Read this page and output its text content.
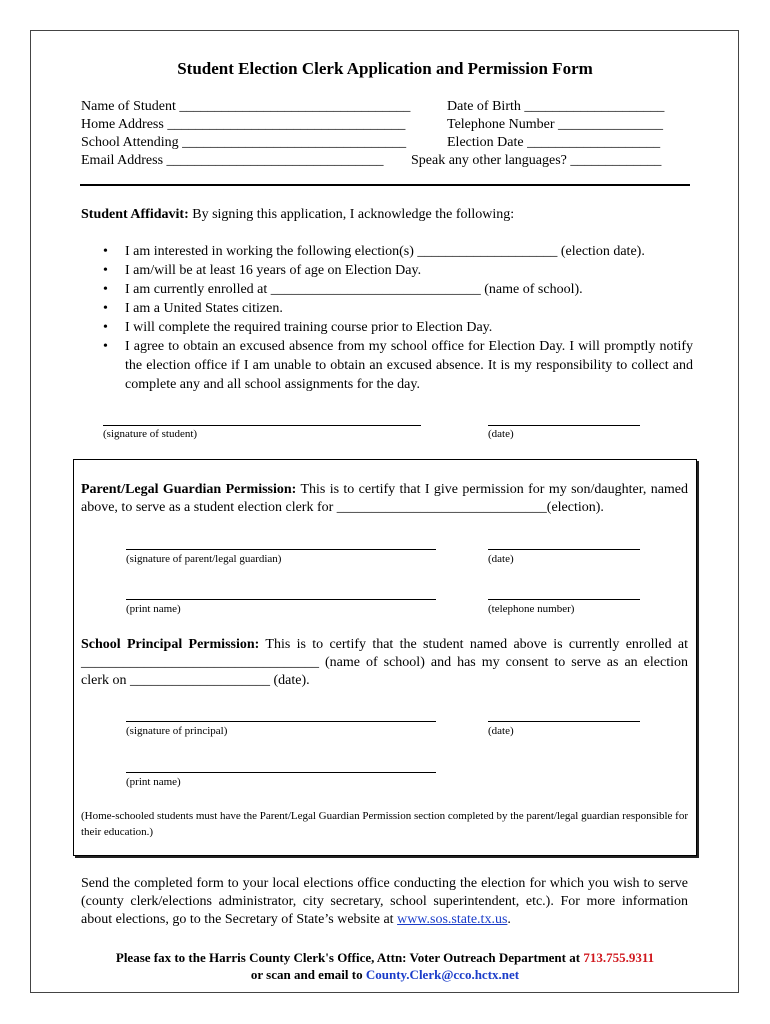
Student Election Clerk Application and Permission Form
Name of Student _________________________________	Date of Birth ____________________
Home Address __________________________________	Telephone Number _______________
School Attending ________________________________	Election Date ___________________
Email Address _______________________________ Speak any other languages? _____________
Student Affidavit: By signing this application, I acknowledge the following:
• I am interested in working the following election(s) ____________________ (election date).
• I am/will be at least 16 years of age on Election Day.
• I am currently enrolled at ______________________________ (name of school).
• I am a United States citizen.
• I will complete the required training course prior to Election Day.
• I agree to obtain an excused absence from my school office for Election Day. I will promptly notify the election office if I am unable to obtain an excused absence. It is my responsibility to collect and complete any and all school assignments for the day.
(signature of student)	(date)
Parent/Legal Guardian Permission: This is to certify that I give permission for my son/daughter, named above, to serve as a student election clerk for ______________________________(election).
(signature of parent/legal guardian)	(date)
(print name)	(telephone number)
School Principal Permission: This is to certify that the student named above is currently enrolled at __________________________________ (name of school) and has my consent to serve as an election clerk on ____________________ (date).
(signature of principal)	(date)
(print name)
(Home-schooled students must have the Parent/Legal Guardian Permission section completed by the parent/legal guardian responsible for their education.)
Send the completed form to your local elections office conducting the election for which you wish to serve (county clerk/elections administrator, city secretary, school superintendent, etc.). For more information about elections, go to the Secretary of State’s website at www.sos.state.tx.us.
Please fax to the Harris County Clerk's Office, Attn: Voter Outreach Department at 713.755.9311
or scan and email to County.Clerk@cco.hctx.net
